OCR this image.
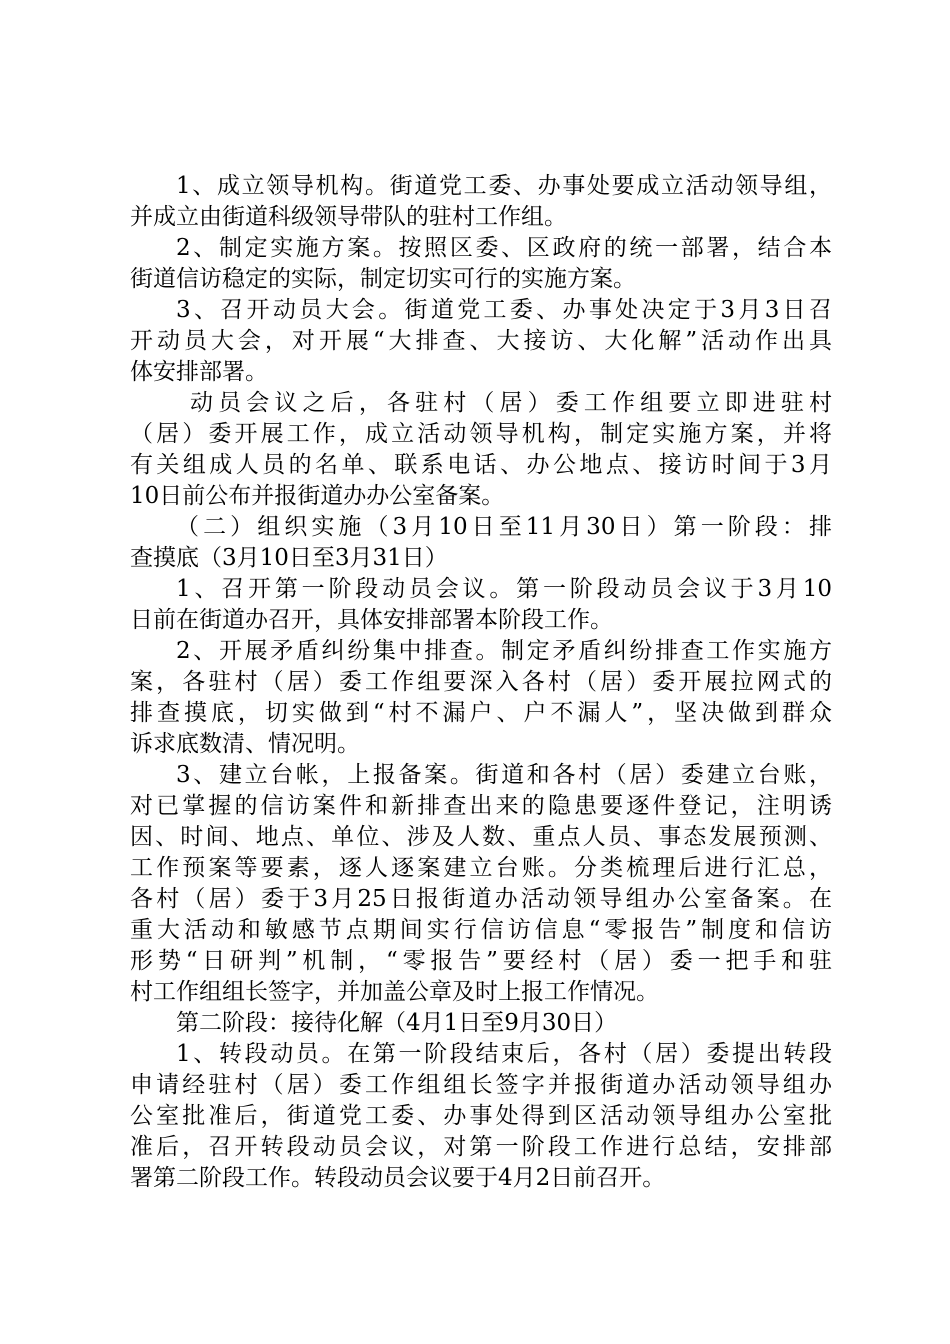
1、成立领导机构。街道党工委、办事处要成立活动领导组，
并成立由街道科级领导带队的驻村工作组。
2、制定实施方案。按照区委、区政府的统一部署，结合本
街道信访稳定的实际，制定切实可行的实施方案。
3、召开动员大会。街道党工委、办事处决定于3月3日召
开动员大会，对开展“大排查、大接访、大化解”活动作出具
体安排部署。
动员会议之后，各驻村（居）委工作组要立即进驻村
（居）委开展工作，成立活动领导机构，制定实施方案，并将
有关组成人员的名单、联系电话、办公地点、接访时间于3月
10日前公布并报街道办办公室备案。
（二）组织实施（3月10日至11月30日）第一阶段：排
查摸底（3月10日至3月31日）
1、召开第一阶段动员会议。第一阶段动员会议于3月10
日前在街道办召开，具体安排部署本阶段工作。
2、开展矛盾纠纷集中排查。制定矛盾纠纷排查工作实施方
案，各驻村（居）委工作组要深入各村（居）委开展拉网式的
排查摸底，切实做到“村不漏户、户不漏人”，坚决做到群众
诉求底数清、情况明。
3、建立台帐，上报备案。街道和各村（居）委建立台账，
对已掌握的信访案件和新排查出来的隐患要逐件登记，注明诱
因、时间、地点、单位、涉及人数、重点人员、事态发展预测、
工作预案等要素，逐人逐案建立台账。分类梳理后进行汇总，
各村（居）委于3月25日报街道办活动领导组办公室备案。在
重大活动和敏感节点期间实行信访信息“零报告”制度和信访
形势“日研判”机制，“零报告”要经村（居）委一把手和驻
村工作组组长签字，并加盖公章及时上报工作情况。
第二阶段：接待化解（4月1日至9月30日）
1、转段动员。在第一阶段结束后，各村（居）委提出转段
申请经驻村（居）委工作组组长签字并报街道办活动领导组办
公室批准后，街道党工委、办事处得到区活动领导组办公室批
准后，召开转段动员会议，对第一阶段工作进行总结，安排部
署第二阶段工作。转段动员会议要于4月2日前召开。
